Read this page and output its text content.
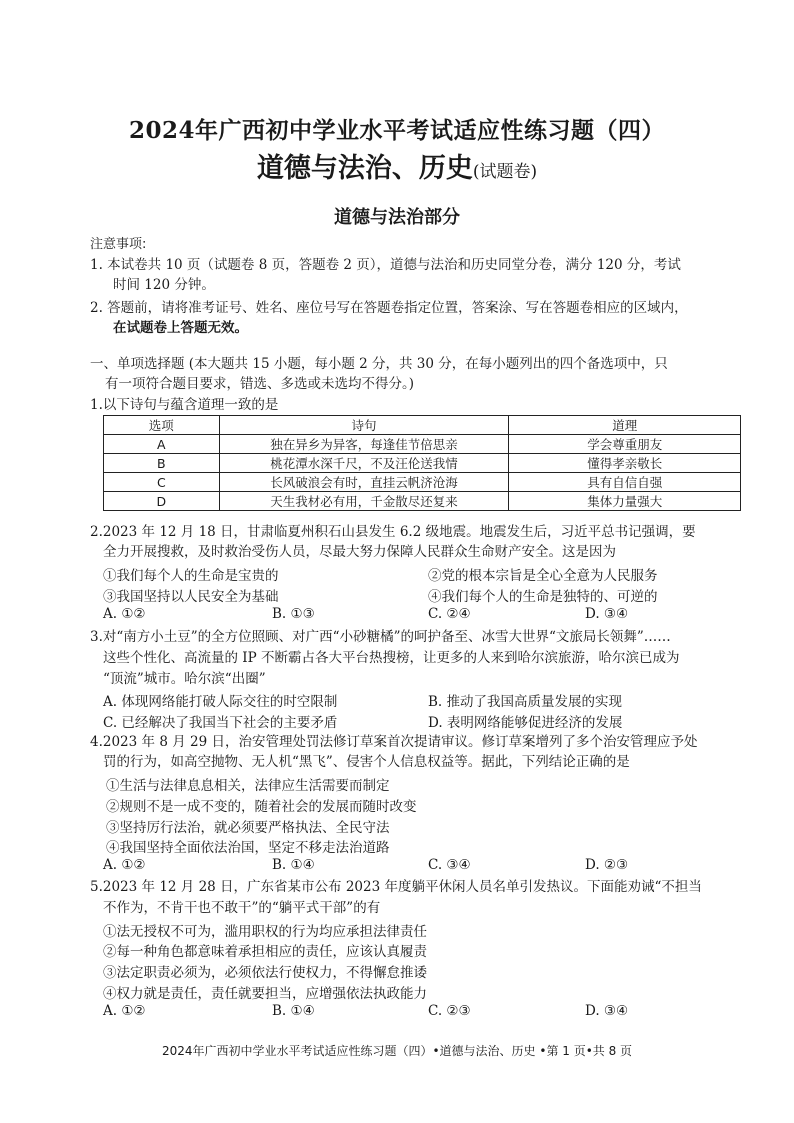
2024年广西初中学业水平考试适应性练习题（四）
道德与法治、历史(试题卷)
道德与法治部分
注意事项:
1. 本试卷共 10 页（试题卷 8 页，答题卷 2 页），道德与法治和历史同堂分卷，满分 120 分，考试
时间 120 分钟。
2. 答题前，请将准考证号、姓名、座位号写在答题卷指定位置，答案涂、写在答题卷相应的区域内，
在试题卷上答题无效。
一、单项选择题 (本大题共 15 小题，每小题 2 分，共 30 分，在每小题列出的四个备选项中，只
有一项符合题目要求，错选、多选或未选均不得分。)
1.以下诗句与蕴含道理一致的是
选项	诗句	道理
A	独在异乡为异客，每逢佳节倍思亲	学会尊重朋友
B	桃花潭水深千尺，不及汪伦送我情	懂得孝亲敬长
C	长风破浪会有时，直挂云帆济沧海	具有自信自强
D	天生我材必有用，千金散尽还复来	集体力量强大
2.2023 年 12 月 18 日，甘肃临夏州积石山县发生 6.2 级地震。地震发生后，习近平总书记强调，要
全力开展搜救，及时救治受伤人员，尽最大努力保障人民群众生命财产安全。这是因为
①我们每个人的生命是宝贵的	②党的根本宗旨是全心全意为人民服务
③我国坚持以人民安全为基础	④我们每个人的生命是独特的、可逆的
A. ①②	B. ①③	C. ②④	D. ③④
3.对“南方小土豆”的全方位照顾、对广西“小砂糖橘”的呵护备至、冰雪大世界“文旅局长领舞”……
这些个性化、高流量的 IP 不断霸占各大平台热搜榜，让更多的人来到哈尔滨旅游，哈尔滨已成为
“顶流”城市。哈尔滨“出圈”
A. 体现网络能打破人际交往的时空限制	B. 推动了我国高质量发展的实现
C. 已经解决了我国当下社会的主要矛盾	D. 表明网络能够促进经济的发展
4.2023 年 8 月 29 日，治安管理处罚法修订草案首次提请审议。修订草案增列了多个治安管理应予处
罚的行为，如高空抛物、无人机“黑飞”、侵害个人信息权益等。据此，下列结论正确的是
①生活与法律息息相关，法律应生活需要而制定
②规则不是一成不变的，随着社会的发展而随时改变
③坚持厉行法治，就必须要严格执法、全民守法
④我国坚持全面依法治国，坚定不移走法治道路
A. ①②	B. ①④	C. ③④	D. ②③
5.2023 年 12 月 28 日，广东省某市公布 2023 年度躺平休闲人员名单引发热议。下面能劝诫“不担当
不作为，不肯干也不敢干”的“躺平式干部”的有
①法无授权不可为，滥用职权的行为均应承担法律责任
②每一种角色都意味着承担相应的责任，应该认真履责
③法定职责必须为，必须依法行使权力，不得懈怠推诿
④权力就是责任，责任就要担当，应增强依法执政能力
A. ①②	B. ①④	C. ②③	D. ③④
2024年广西初中学业水平考试适应性练习题（四）•道德与法治、历史 •第 1 页•共 8 页
